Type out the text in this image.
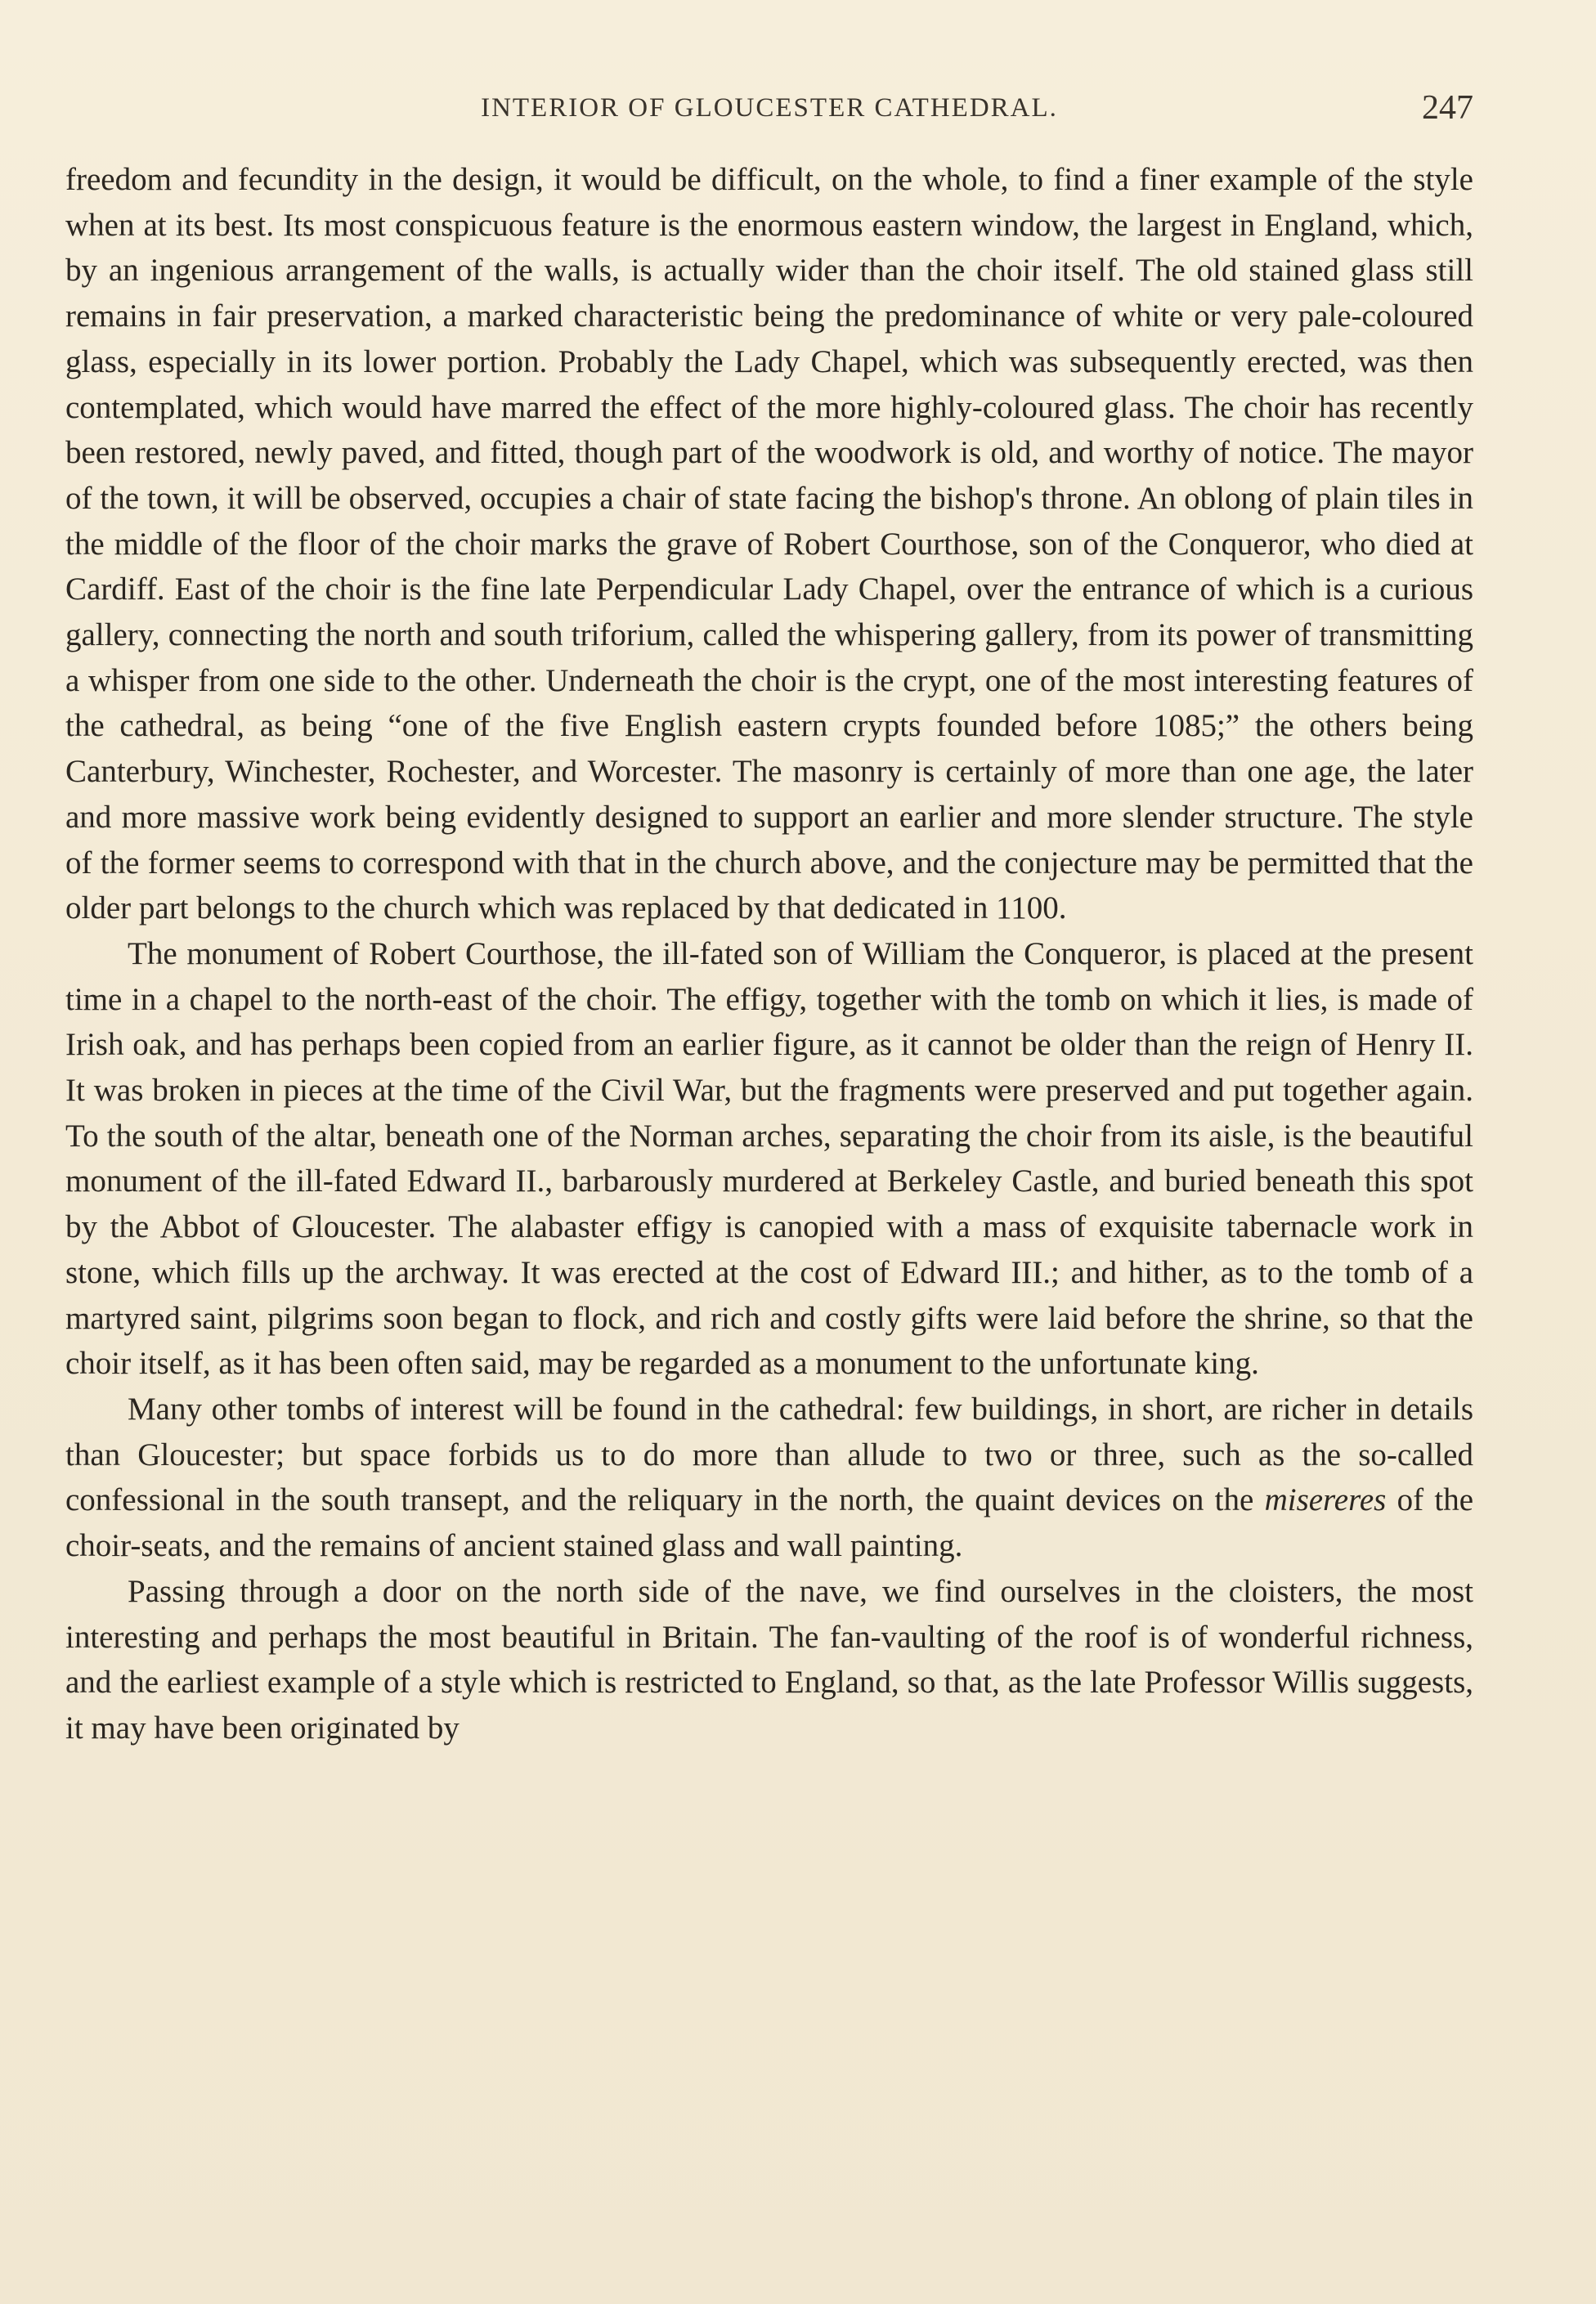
INTERIOR OF GLOUCESTER CATHEDRAL.	247

freedom and fecundity in the design, it would be difficult, on the whole, to find a finer example of the style when at its best. Its most conspicuous feature is the enormous eastern window, the largest in England, which, by an ingenious arrangement of the walls, is actually wider than the choir itself. The old stained glass still remains in fair preservation, a marked characteristic being the predominance of white or very pale-coloured glass, especially in its lower portion. Probably the Lady Chapel, which was subsequently erected, was then contemplated, which would have marred the effect of the more highly-coloured glass. The choir has recently been restored, newly paved, and fitted, though part of the woodwork is old, and worthy of notice. The mayor of the town, it will be observed, occupies a chair of state facing the bishop's throne. An oblong of plain tiles in the middle of the floor of the choir marks the grave of Robert Courthose, son of the Conqueror, who died at Cardiff. East of the choir is the fine late Perpendicular Lady Chapel, over the entrance of which is a curious gallery, connecting the north and south triforium, called the whispering gallery, from its power of transmitting a whisper from one side to the other. Underneath the choir is the crypt, one of the most interesting features of the cathedral, as being “one of the five English eastern crypts founded before 1085;” the others being Canterbury, Winchester, Rochester, and Worcester. The masonry is certainly of more than one age, the later and more massive work being evidently designed to support an earlier and more slender structure. The style of the former seems to correspond with that in the church above, and the conjecture may be permitted that the older part belongs to the church which was replaced by that dedicated in 1100.

The monument of Robert Courthose, the ill-fated son of William the Conqueror, is placed at the present time in a chapel to the north-east of the choir. The effigy, together with the tomb on which it lies, is made of Irish oak, and has perhaps been copied from an earlier figure, as it cannot be older than the reign of Henry II. It was broken in pieces at the time of the Civil War, but the fragments were preserved and put together again. To the south of the altar, beneath one of the Norman arches, separating the choir from its aisle, is the beautiful monument of the ill-fated Edward II., barbarously murdered at Berkeley Castle, and buried beneath this spot by the Abbot of Gloucester. The alabaster effigy is canopied with a mass of exquisite tabernacle work in stone, which fills up the archway. It was erected at the cost of Edward III.; and hither, as to the tomb of a martyred saint, pilgrims soon began to flock, and rich and costly gifts were laid before the shrine, so that the choir itself, as it has been often said, may be regarded as a monument to the unfortunate king.

Many other tombs of interest will be found in the cathedral: few buildings, in short, are richer in details than Gloucester; but space forbids us to do more than allude to two or three, such as the so-called confessional in the south transept, and the reliquary in the north, the quaint devices on the misereres of the choir-seats, and the remains of ancient stained glass and wall painting.

Passing through a door on the north side of the nave, we find ourselves in the cloisters, the most interesting and perhaps the most beautiful in Britain. The fan-vaulting of the roof is of wonderful richness, and the earliest example of a style which is restricted to England, so that, as the late Professor Willis suggests, it may have been originated by
